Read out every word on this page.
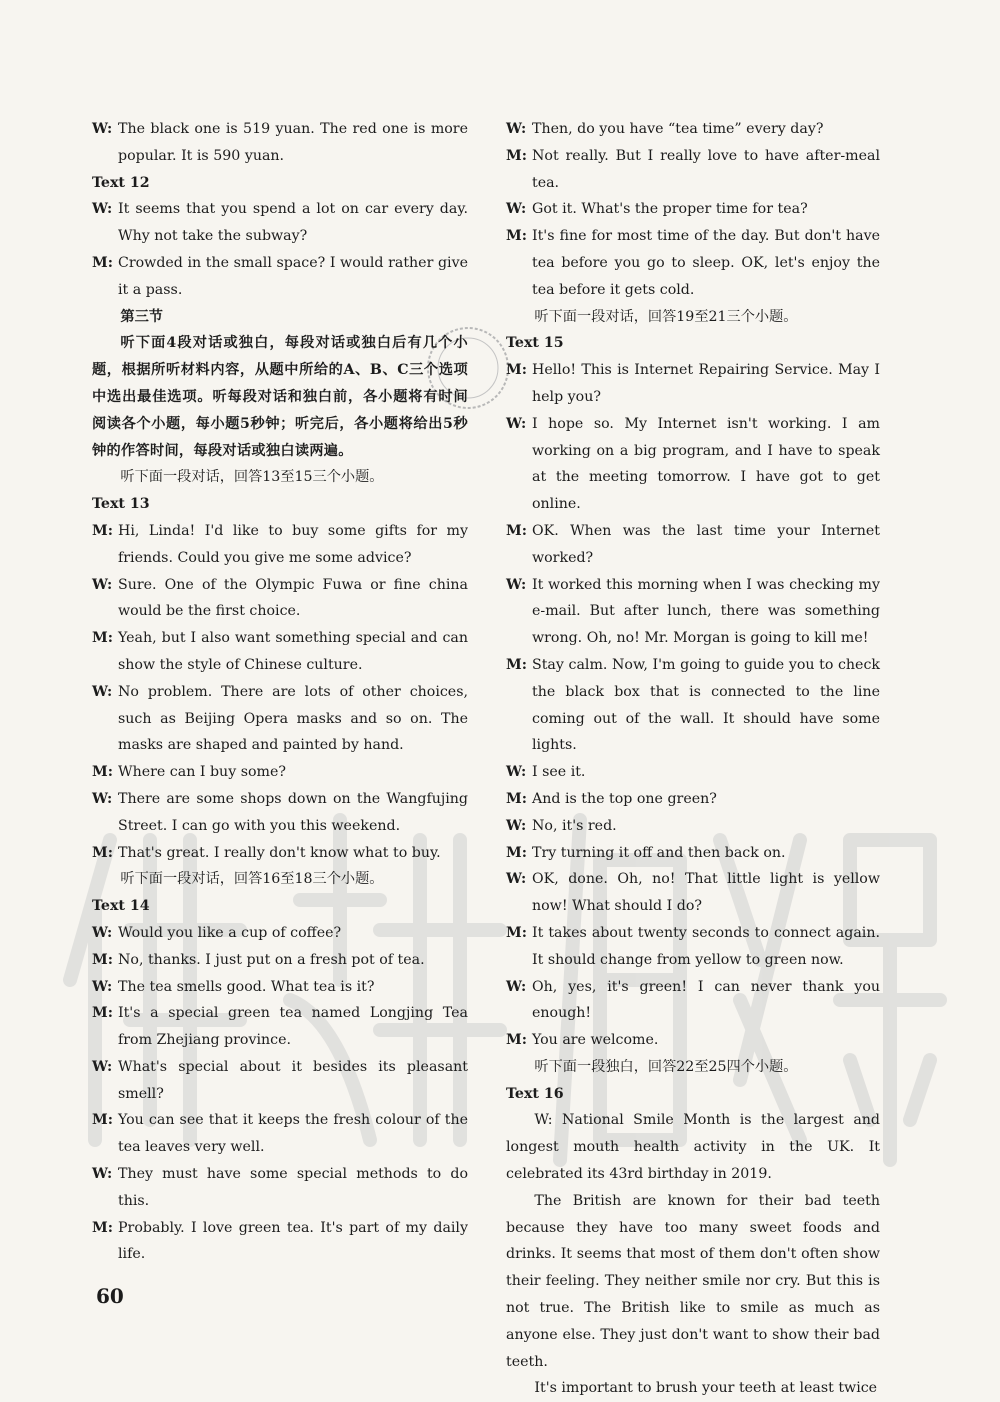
W: The black one is 519 yuan. The red one is more popular. It is 590 yuan.
Text 12
W: It seems that you spend a lot on car every day. Why not take the subway?
M: Crowded in the small space? I would rather give it a pass.
第三节
听下面4段对话或独白，每段对话或独白后有几个小题，根据所听材料内容，从题中所给的A、B、C三个选项中选出最佳选项。听每段对话和独白前，各小题将有时间阅读各个小题，每小题5秒钟；听完后，各小题将给出5秒钟的作答时间，每段对话或独白读两遍。
听下面一段对话，回答13至15三个小题。
Text 13
M: Hi, Linda! I'd like to buy some gifts for my friends. Could you give me some advice?
W: Sure. One of the Olympic Fuwa or fine china would be the first choice.
M: Yeah, but I also want something special and can show the style of Chinese culture.
W: No problem. There are lots of other choices, such as Beijing Opera masks and so on. The masks are shaped and painted by hand.
M: Where can I buy some?
W: There are some shops down on the Wangfujing Street. I can go with you this weekend.
M: That's great. I really don't know what to buy.
听下面一段对话，回答16至18三个小题。
Text 14
W: Would you like a cup of coffee?
M: No, thanks. I just put on a fresh pot of tea.
W: The tea smells good. What tea is it?
M: It's a special green tea named Longjing Tea from Zhejiang province.
W: What's special about it besides its pleasant smell?
M: You can see that it keeps the fresh colour of the tea leaves very well.
W: They must have some special methods to do this.
M: Probably. I love green tea. It's part of my daily life.
W: Then, do you have “tea time” every day?
M: Not really. But I really love to have after-meal tea.
W: Got it. What's the proper time for tea?
M: It's fine for most time of the day. But don't have tea before you go to sleep. OK, let's enjoy the tea before it gets cold.
听下面一段对话，回答19至21三个小题。
Text 15
M: Hello! This is Internet Repairing Service. May I help you?
W: I hope so. My Internet isn't working. I am working on a big program, and I have to speak at the meeting tomorrow. I have got to get online.
M: OK. When was the last time your Internet worked?
W: It worked this morning when I was checking my e-mail. But after lunch, there was something wrong. Oh, no! Mr. Morgan is going to kill me!
M: Stay calm. Now, I'm going to guide you to check the black box that is connected to the line coming out of the wall. It should have some lights.
W: I see it.
M: And is the top one green?
W: No, it's red.
M: Try turning it off and then back on.
W: OK, done. Oh, no! That little light is yellow now! What should I do?
M: It takes about twenty seconds to connect again. It should change from yellow to green now.
W: Oh, yes, it's green! I can never thank you enough!
M: You are welcome.
听下面一段独白，回答22至25四个小题。
Text 16
W: National Smile Month is the largest and longest mouth health activity in the UK. It celebrated its 43rd birthday in 2019.
The British are known for their bad teeth because they have too many sweet foods and drinks. It seems that most of them don't often show their feeling. They neither smile nor cry. But this is not true. The British like to smile as much as anyone else. They just don't want to show their bad teeth.
It's important to brush your teeth at least twice
60
